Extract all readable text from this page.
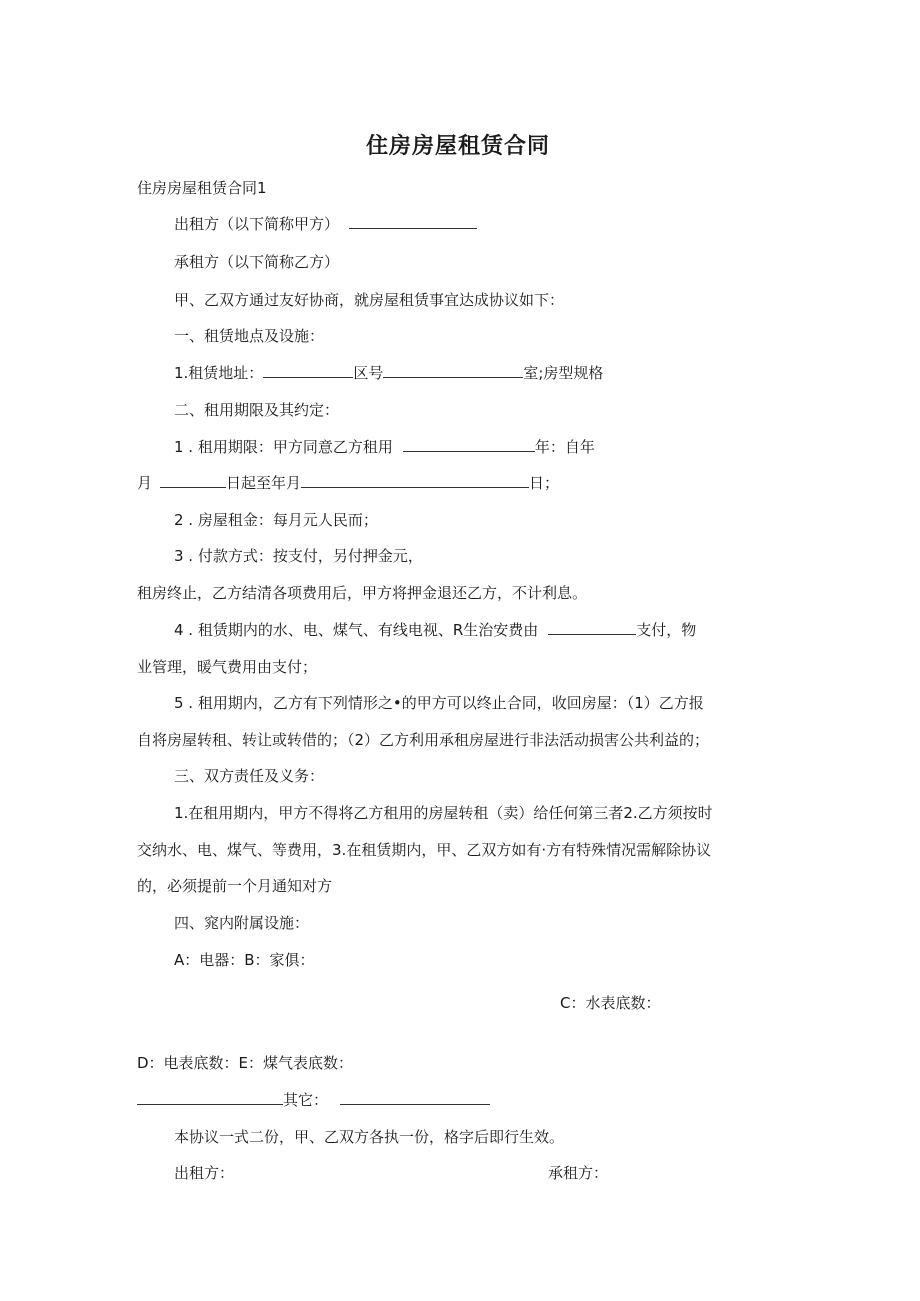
住房房屋租赁合同
住房房屋租赁合同1
出租方（以下简称甲方）
承租方（以下简称乙方）
甲、乙双方通过友好协商，就房屋租赁事宜达成协议如下：
一、租赁地点及设施：
1.租赁地址：	区号	室;房型规格
二、租用期限及其约定：
1 . 租用期限：甲方同意乙方租用	年：自年
月	日起至年月	日；
2 . 房屋租金：每月元人民而；
3 . 付款方式：按支付，另付押金元，
租房终止，乙方结清各项费用后，甲方将押金退还乙方，不计利息。
4 . 租赁期内的水、电、煤气、有线电视、R生治安费由	支付，物
业管理，暖气费用由支付；
5 . 租用期内，乙方有下列情形之•的甲方可以终止合同，收回房屋：（1）乙方报
自将房屋转租、转让或转借的；（2）乙方利用承租房屋进行非法活动损害公共利益的；
三、双方责任及义务：
1.在租用期内，甲方不得将乙方租用的房屋转租（卖）给任何第三者2.乙方须按时
交纳水、电、煤气、等费用，3.在租赁期内，甲、乙双方如有·方有特殊情况需解除协议
的，必须提前一个月通知对方
四、窕内附属设施：
A：电器：B：家俱：
C：水表底数：
D：电表底数：E：煤气表底数：
其它：
本协议一式二份，甲、乙双方各执一份，格字后即行生效。
出租方：	承租方：
